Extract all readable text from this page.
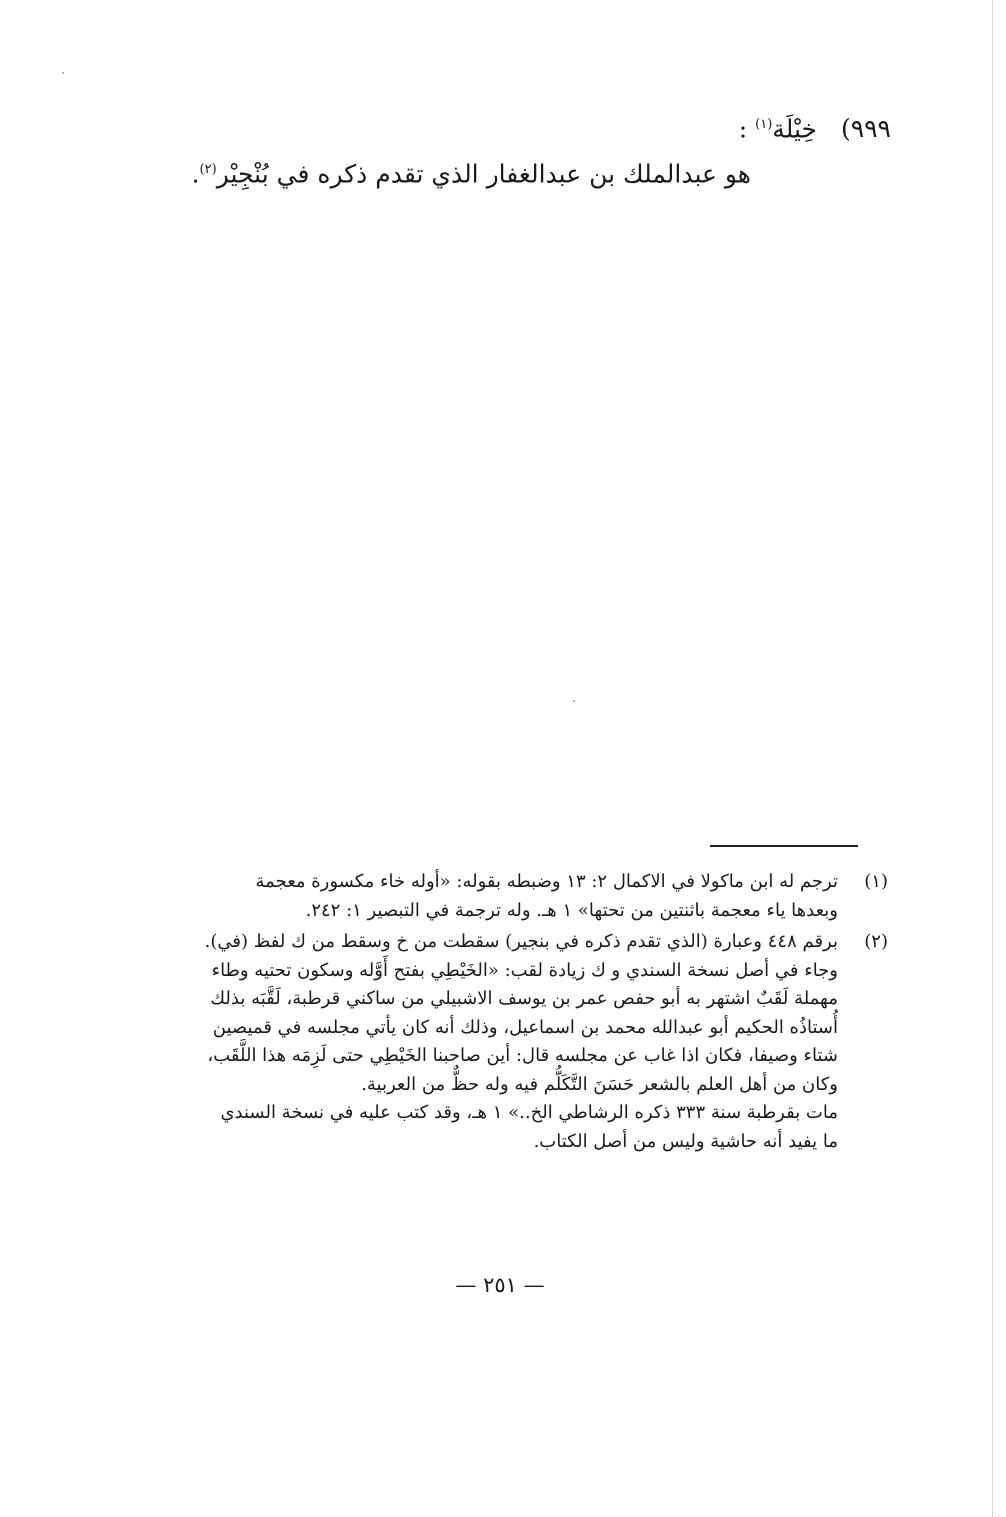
٩٩٩) خِيْلَة$^{(١)}$ :
هو عبدالملك بن عبدالغفار الذي تقدم ذكره في بُنْجِيْر$^{(٢)}$.
(١)
ترجم له ابن ماكولا في الاكمال ٢: ١٣ وضبطه بقوله: «أوله خاء مكسورة معجمة
وبعدها ياء معجمة باثنتين من تحتها» ١ هـ. وله ترجمة في التبصير ١: ٢٤٢.
(٢)
برقم ٤٤٨ وعبارة (الذي تقدم ذكره في بنجير) سقطت من خ وسقط من ك لفظ (في).
وجاء في أصل نسخة السندي و ك زيادة لقب: «الخَيْطِي بفتح أَوَّله وسكون تحتيه وطاء
مهملة لَقَبٌ اشتهر به أبو حفص عمر بن يوسف الاشبيلي من ساكني قرطبة، لَقَّبَه بذلك
أُستاذُه الحكيم أبو عبدالله محمد بن اسماعيل، وذلك أنه كان يأتي مجلسه في قميصين
شتاء وصيفا، فكان اذا غاب عن مجلسه قال: أين صاحبنا الخَيْطِي حتى لَزِمَه هذا اللَّقَب،
وكان من أهل العلم بالشعر حَسَنَ التَّكَلُّم فيه وله حظٌّ من العربية.
مات بقرطبة سنة ٣٣٣ ذكره الرشاطي الخ..» ١ هـ، وقد كتب عليه في نسخة السندي
ما يفيد أنه حاشية وليس من أصل الكتاب.
— ٢٥١ —
